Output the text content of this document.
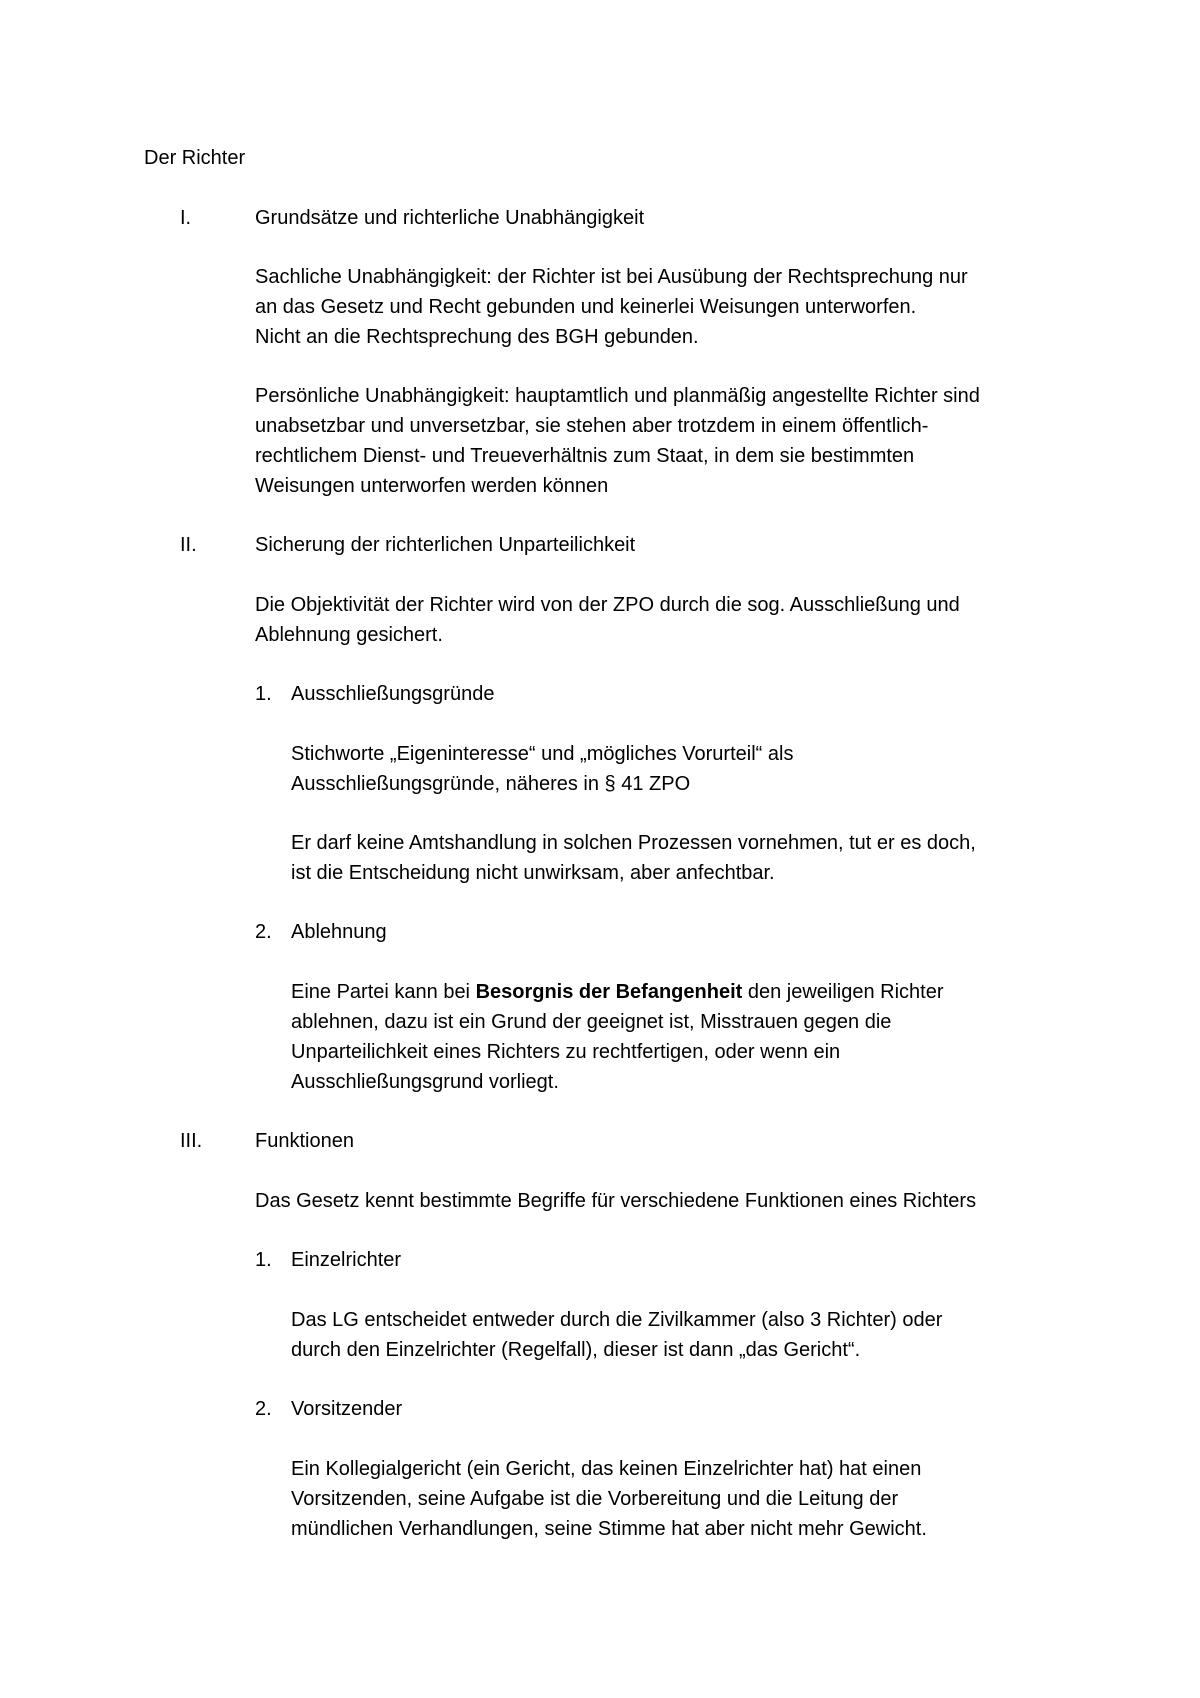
Der Richter
I.	Grundsätze und richterliche Unabhängigkeit
Sachliche Unabhängigkeit: der Richter ist bei Ausübung der Rechtsprechung nur
an das Gesetz und Recht gebunden und keinerlei Weisungen unterworfen.
Nicht an die Rechtsprechung des BGH gebunden.
Persönliche Unabhängigkeit: hauptamtlich und planmäßig angestellte Richter sind
unabsetzbar und unversetzbar, sie stehen aber trotzdem in einem öffentlich-
rechtlichem Dienst- und Treueverhältnis zum Staat, in dem sie bestimmten
Weisungen unterworfen werden können
II.	Sicherung der richterlichen Unparteilichkeit
Die Objektivität der Richter wird von der ZPO durch die sog. Ausschließung und
Ablehnung gesichert.
1. Ausschließungsgründe
Stichworte „Eigeninteresse“ und „mögliches Vorurteil“ als
Ausschließungsgründe, näheres in § 41 ZPO
Er darf keine Amtshandlung in solchen Prozessen vornehmen, tut er es doch,
ist die Entscheidung nicht unwirksam, aber anfechtbar.
2. Ablehnung
Eine Partei kann bei Besorgnis der Befangenheit den jeweiligen Richter
ablehnen, dazu ist ein Grund der geeignet ist, Misstrauen gegen die
Unparteilichkeit eines Richters zu rechtfertigen, oder wenn ein
Ausschließungsgrund vorliegt.
III.	Funktionen
Das Gesetz kennt bestimmte Begriffe für verschiedene Funktionen eines Richters
1. Einzelrichter
Das LG entscheidet entweder durch die Zivilkammer (also 3 Richter) oder
durch den Einzelrichter (Regelfall), dieser ist dann „das Gericht“.
2. Vorsitzender
Ein Kollegialgericht (ein Gericht, das keinen Einzelrichter hat) hat einen
Vorsitzenden, seine Aufgabe ist die Vorbereitung und die Leitung der
mündlichen Verhandlungen, seine Stimme hat aber nicht mehr Gewicht.
